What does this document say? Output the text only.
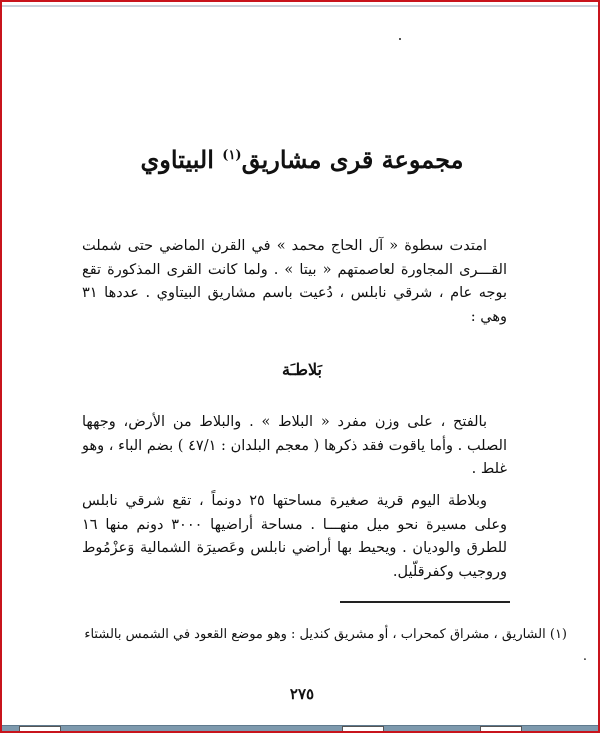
مجموعة قرى مشاريق$^{(١)}$ البيتاوي
امتدت سطوة « آل الحاج محمد » في القرن الماضي حتى شملت القـــرى المجاورة لعاصمتهم « بيتا » . ولما كانت القرى المذكورة تقع بوجه عام ، شرقي نابلس ، دُعيت باسم مشاريق البيتاوي . عددها ٣١ وهي :
بَلاطـَة
بالفتح ، على وزن مفرد « البلاط » . والبلاط من الأرض، وجهها الصلب . وأما ياقوت فقد ذكرها ( معجم البلدان : ٤٧/١ ) بضم الباء ، وهو غلط .
وبلاطة اليوم قرية صغيرة مساحتها ٢٥ دونماً ، تقع شرقي نابلس وعلى مسيرة نحو ميل منهـــا . مساحة أراضيها ٣٠٠٠ دونم منها ١٦ للطرق والوديان . ويحيط بها أراضي نابلس وعَصيرَة الشمالية وَعزْمُوط وروجيب وكفرقلّيل.
(١) الشاريق ، مشراق كمحراب ، أو مشريق كنديل : وهو موضع القعود في الشمس بالشتاء .
٢٧٥
